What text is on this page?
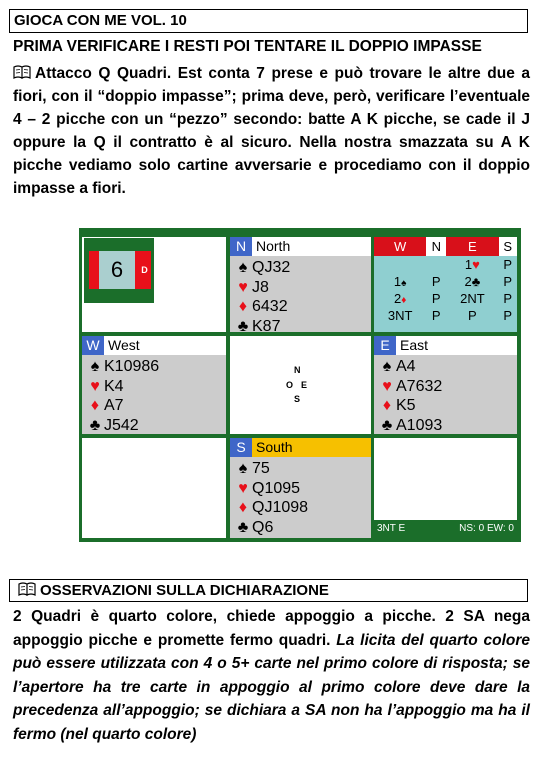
GIOCA CON ME VOL. 10
PRIMA VERIFICARE I RESTI POI TENTARE IL DOPPIO IMPASSE
Attacco Q Quadri. Est conta 7 prese e può trovare le altre due a fiori, con il “doppio impasse”; prima deve, però, verificare l’eventuale 4 – 2 picche con un “pezzo” secondo: batte A K picche, se cade il J oppure la Q il contratto è al sicuro. Nella nostra smazzata su A K picche vediamo solo cartine avversarie e procediamo con il doppio impasse a fiori.
6	D
N North
♠ QJ32
♥ J8
♦ 6432
♣ K87
W	N	E	S
		1♥	P
1♠	P	2♣	P
2♦	P	2NT	P
3NT	P	P	P
W West
♠ K10986
♥ K4
♦ A7
♣ J542
N
O E
S
E East
♠ A4
♥ A7632
♦ K5
♣ A1093
S South
♠ 75
♥ Q1095
♦ QJ1098
♣ Q6	3NT E	NS: 0 EW: 0
OSSERVAZIONI SULLA DICHIARAZIONE
2 Quadri è quarto colore, chiede appoggio a picche. 2 SA nega appoggio picche e promette fermo quadri. La licita del quarto colore può essere utilizzata con 4 o 5+ carte nel primo colore di risposta; se l’apertore ha tre carte in appoggio al primo colore deve dare la precedenza all’appoggio; se dichiara a SA non ha l’appoggio ma ha il fermo (nel quarto colore)
